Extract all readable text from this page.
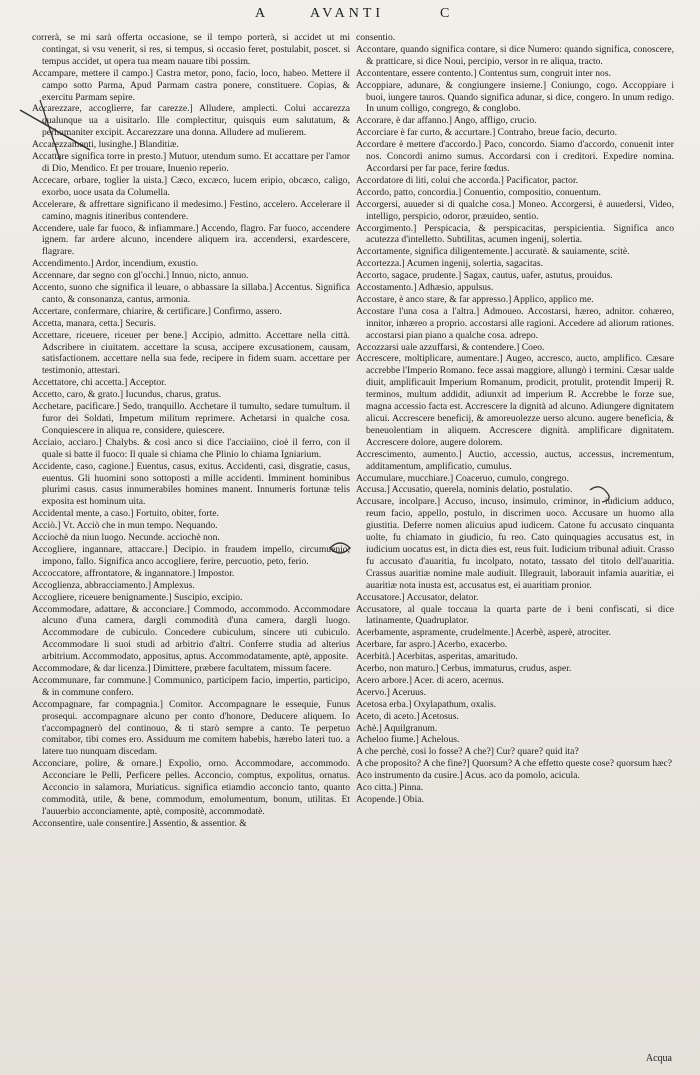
A	AVANTI	C

correrà, se mi sarà offerta occasione, se il tempo porterà, si accidet ut mi contingat, si vsu venerit, si res, si tempus, si occasio feret, postulabit, poscet. si tempus accidet, ut opera tua meam nauare tibi possim.

Accampare, mettere il campo.] Castra metor, pono, facio, loco, habeo. Mettere il campo sotto Parma, Apud Parmam castra ponere, constituere. Copias, & exercitu Parmam sepire.

Accarezzare, accoglierre, far carezze.] Alludere, amplecti. Colui accarezza qualunque ua a uisitarlo. Ille complectitur, quisquis eum salutatum, & perhumaniter excipit. Accarezzare una donna. Alludere ad mulierem.

Accarezzamenti, lusinghe.] Blanditiæ.

Accattare significa torre in presto.] Mutuor, utendum sumo. Et accattare per l'amor di Dio, Mendico. Et per trouare, Inuenio reperio.

Accecare, orbare, toglier la uista.] Cæco, excæco, lucem eripio, obcæco, caligo, exorbo, uoce usata da Columella.

Accelerare, & affrettare significano il medesimo.] Festino, accelero. Accelerare il camino, magnis itineribus contendere.

Accendere, uale far fuoco, & infiammare.] Accendo, flagro. Far fuoco, accendere ignem. far ardere alcuno, incendere aliquem ira. accendersi, exardescere, flagrare.

Accendimento.] Ardor, incendium, exustio.

Accennare, dar segno con gl'occhi.] Innuo, nicto, annuo.

Accento, suono che significa il leuare, o abbassare la sillaba.] Accentus. Significa canto, & consonanza, cantus, armonia.

Accertare, confermare, chiarire, & certificare.] Confirmo, assero.

Accetta, manara, cetta.] Securis.

Accettare, riceuere, riceuer per bene.] Accipio, admitto. Accettare nella città. Adscribere in ciuitatem. accettare la scusa, accipere excusationem, causam, satisfactionem. accettare nella sua fede, recipere in fidem suam. accettare per testimonio, attestari.

Accettatore, chi accetta.] Acceptor.

Accetto, caro, & grato.] Iucundus, charus, gratus.

Acchetare, pacificare.] Sedo, tranquillo. Acchetare il tumulto, sedare tumultum. il furor dei Soldati, Impetum militum reprimere. Achetarsi in qualche cosa. Conquiescere in aliqua re, considere, quiescere.

Acciaio, acciaro.] Chalybs. & così anco si dice l'acciaiino, cioè il ferro, con il quale si batte il fuoco: Il quale si chiama che Plinio lo chiama Igniarium.

Accidente, caso, cagione.] Euentus, casus, exitus. Accidenti, casi, disgratie, casus, euentus. Gli huomini sono sottoposti a mille accidenti. Imminent hominibus plurimi casus. casus innumerabiles homines manent. Innumeris fortunæ telis exposita est hominum uita.

Accidental mente, a caso.] Fortuito, obiter, forte.

Acciò.] Vt. Acciò che in mun tempo. Nequando.

Acciochè da niun luogo. Necunde. acciochè non.

Accogliere, ingannare, attaccare.] Decipio. in fraudem impello, circumuenio, impono, fallo. Significa anco accogliere, ferire, percuotio, peto, ferio.

Accoccatore, affrontatore, & ingannatore.] Impostor.

Accoglienza, abbracciamento.] Amplexus.

Accogliere, riceuere benignamente.] Suscipio, excipio.

Accommodare, adattare, & acconciare.] Commodo, accommodo. Accommodare alcuno d'una camera, dargli commodità d'una camera, dargli luogo. Accommodare de cubiculo. Concedere cubiculum, sincere uti cubiculo. Accommodare li suoi studi ad arbitrio d'altri. Conferre studia ad alterius arbitrium. Accommodato, appositus, aptus. Accommodatamente, aptè, apposite.

Accommodare, & dar licenza.] Dimittere, præbere facultatem, missum facere.

Accommunare, far commune.] Communico, participem facio, impertio, participo, & in commune confero.

Accompagnare, far compagnia.] Comitor. Accompagnare le essequie, Funus prosequi. accompagnare alcuno per conto d'honore, Deducere aliquem. Io t'accompagnerò del continouo, & ti starò sempre a canto. Te perpetuo comitabor, tibi comes ero. Assiduum me comitem habebis, hærebo lateri tuo. a latere tuo nunquam discedam.

Acconciare, polire, & ornare.] Expolio, orno. Accommodare, accommodo. Acconciare le Pelli, Perficere pelles. Acconcio, comptus, expolitus, ornatus. Acconcio in salamora, Muriaticus. significa etiamdio acconcio tanto, quanto commodità, utile, & bene, commodum, emolumentum, bonum, utilitas. Et l'auuerbio acconciamente, aptè, compositè, accommodatè.

Acconsentire, uale consentire.] Assentio, & assentior. &

consentio.

Accontare, quando significa contare, si dice Numero: quando significa, conoscere, & pratticare, si dice Noui, percipio, versor in re aliqua, tracto.

Accontentare, essere contento.] Contentus sum, congruit inter nos.

Accoppiare, adunare, & congiungere insieme.] Coniungo, cogo. Accoppiare i buoi, iungere tauros. Quando significa adunar, si dice, congero. In unum redigo. In unum colligo, congrego, & conglobo.

Accorare, è dar affanno.] Ango, affligo, crucio.

Accorciare è far curto, & accurtare.] Contraho, breue facio, decurto.

Accordare è mettere d'accordo.] Paco, concordo. Siamo d'accordo, conuenit inter nos. Concordi animo sumus. Accordarsi con i creditori. Expedire nomina. Accordarsi per far pace, ferire fœdus.

Accordatore di liti, colui che accorda.] Pacificator, pactor.

Accordo, patto, concordia.] Conuentio, compositio, conuentum.

Accorgersi, auueder si di qualche cosa.] Moneo. Accorgersi, è auuedersi, Video, intelligo, perspicio, odoror, præuideo, sentio.

Accorgimento.] Perspicacia, & perspicacitas, perspicientia. Significa anco acutezza d'intelletto. Subtilitas, acumen ingenij, solertia.

Accortamente, significa diligentemente.] accuratè. & sauiamente, scitè.

Accortezza.] Acumen ingenij, solertia, sagacitas.

Accorto, sagace, prudente.] Sagax, cautus, uafer, astutus, prouidus.

Accostamento.] Adhæsio, appulsus.

Accostare, è anco stare, & far appresso.] Applico, applico me.

Accostare l'una cosa a l'altra.] Admoueo. Accostarsi, hæreo, adnitor. cohæreo, innitor, inhæreo a proprio. accostarsi alle ragioni. Accedere ad aliorum rationes. accostarsi pian piano a qualche cosa. adrepo.

Accozzarsi uale azzuffarsi, & contendere.] Coeo.

Accrescere, moltiplicare, aumentare.] Augeo, accresco, aucto, amplifico. Cæsare accrebbe l'Imperio Romano. fece assai maggiore, allungò i termini. Cæsar ualde diuit, amplificauit Imperium Romanum, prodicit, protulit, protendit Imperij R. terminos, multum addidit, adiunxit ad imperium R. Accrebbe le forze sue, magna accessio facta est. Accrescere la dignità ad alcuno. Adiungere dignitatem alicui. Accrescere beneficij, & amoreuolezze uerso alcuno. augere beneficia, & beneuolentiam in aliquem. Accrescere dignità. amplificare dignitatem. Accrescere dolore, augere dolorem.

Accrescimento, aumento.] Auctio, accessio, auctus, accessus, incrementum, additamentum, amplificatio, cumulus.

Accumulare, mucchiare.] Coaceruo, cumulo, congrego.

Accusa.] Accusatio, querela, nominis delatio, postulatio.

Accusare, incolpare.] Accuso, incuso, insimulo, criminor, in iudicium adduco, reum facio, appello, postulo, in discrimen uoco. Accusare un huomo alla giustitia. Deferre nomen alicuius apud iudicem. Catone fu accusato cinquanta uolte, fu chiamato in giudicio, fu reo. Cato quinquagies accusatus est, in iudicium uocatus est, in dicta dies est, reus fuit. Iudicium tribunal adiuit. Crasso fu accusato d'auaritia, fu incolpato, notato, tassato del titolo dell'auaritia. Crassus auaritiæ nomine male audiuit. Illegrauit, laborauit infamia auaritiæ, ei auaritiæ nota inusta est, accusatus est, ei auaritiam pronior.

Accusatore.] Accusator, delator.

Accusatore, al quale toccaua la quarta parte de i beni confiscati, si dice latinamente, Quadruplator.

Acerbamente, aspramente, crudelmente.] Acerbè, asperè, atrociter.

Acerbare, far aspro.] Acerbo, exacerbo.

Acerbità.] Acerbitas, asperitas, amaritudo.

Acerbo, non maturo.] Cerbus, immaturus, crudus, asper.

Acero arbore.] Acer. di acero, acernus.

Acervo.] Aceruus.

Acetosa erba.] Oxylapathum, oxalis.

Aceto, di aceto.] Acetosus.

Achè.] Aquilgranum.

Acheloo fiume.] Achelous.

A che perchè, cosi lo fosse? A che?] Cur? quare? quid ita?

A che proposito? A che fine?] Quorsum? A che effetto queste cose? quorsum hæc?

Aco instrumento da cusire.] Acus. aco da pomolo, acicula.

Aco citta.] Pinna.

Acopende.] Obia.

Acqua
